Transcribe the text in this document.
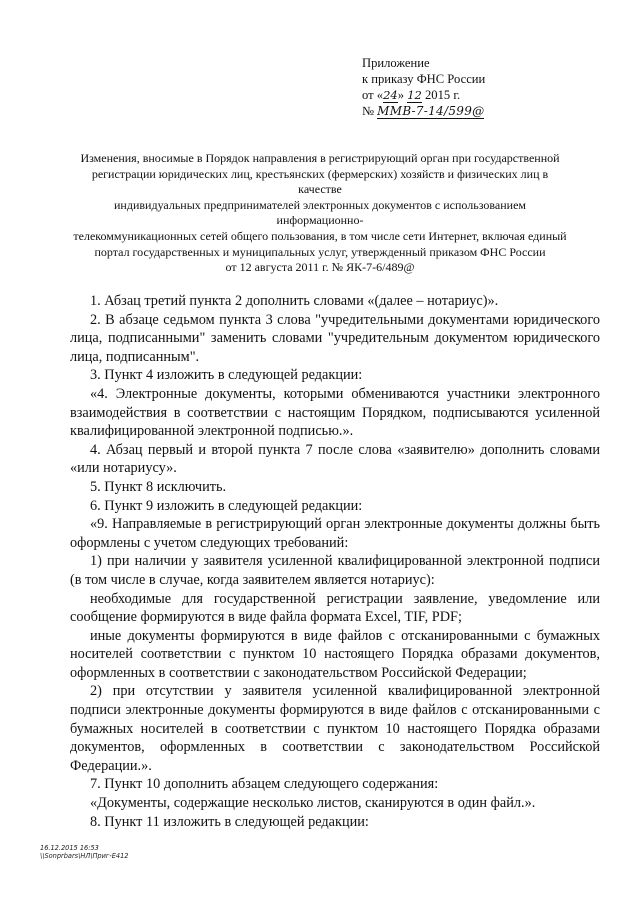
Приложение
к приказу ФНС России
от «24» 12 2015 г.
№ ММВ-7-14/599@
Изменения, вносимые в Порядок направления в регистрирующий орган при государственной
регистрации юридических лиц, крестьянских (фермерских) хозяйств и физических лиц в качестве
индивидуальных предпринимателей электронных документов с использованием информационно-
телекоммуникационных сетей общего пользования, в том числе сети Интернет, включая единый
портал государственных и муниципальных услуг, утвержденный приказом ФНС России
от 12 августа 2011 г. № ЯК-7-6/489@

1. Абзац третий пункта 2 дополнить словами «(далее – нотариус)».

2. В абзаце седьмом пункта 3 слова "учредительными документами юридического лица, подписанными" заменить словами "учредительным документом юридического лица, подписанным".

3. Пункт 4 изложить в следующей редакции:

«4. Электронные документы, которыми обмениваются участники электронного взаимодействия в соответствии с настоящим Порядком, подписываются усиленной квалифицированной электронной подписью.».

4. Абзац первый и второй пункта 7 после слова «заявителю» дополнить словами «или нотариусу».

5. Пункт 8 исключить.

6. Пункт 9 изложить в следующей редакции:

«9. Направляемые в регистрирующий орган электронные документы должны быть оформлены с учетом следующих требований:

1) при наличии у заявителя усиленной квалифицированной электронной подписи (в том числе в случае, когда заявителем является нотариус):

необходимые для государственной регистрации заявление, уведомление или сообщение формируются в виде файла формата Excel, TIF, PDF;

иные документы формируются в виде файлов с отсканированными с бумажных носителей соответствии с пунктом 10 настоящего Порядка образами документов, оформленных в соответствии с законодательством Российской Федерации;

2) при отсутствии у заявителя усиленной квалифицированной электронной подписи электронные документы формируются в виде файлов с отсканированными с бумажных носителей в соответствии с пунктом 10 настоящего Порядка образами документов, оформленных в соответствии с законодательством Российской Федерации.».

7. Пункт 10 дополнить абзацем следующего содержания:

«Документы, содержащие несколько листов, сканируются в один файл.».

8. Пункт 11 изложить в следующей редакции:

16.12.2015 16:53
\\Sonprbars\НЛ\Приг-Е412
